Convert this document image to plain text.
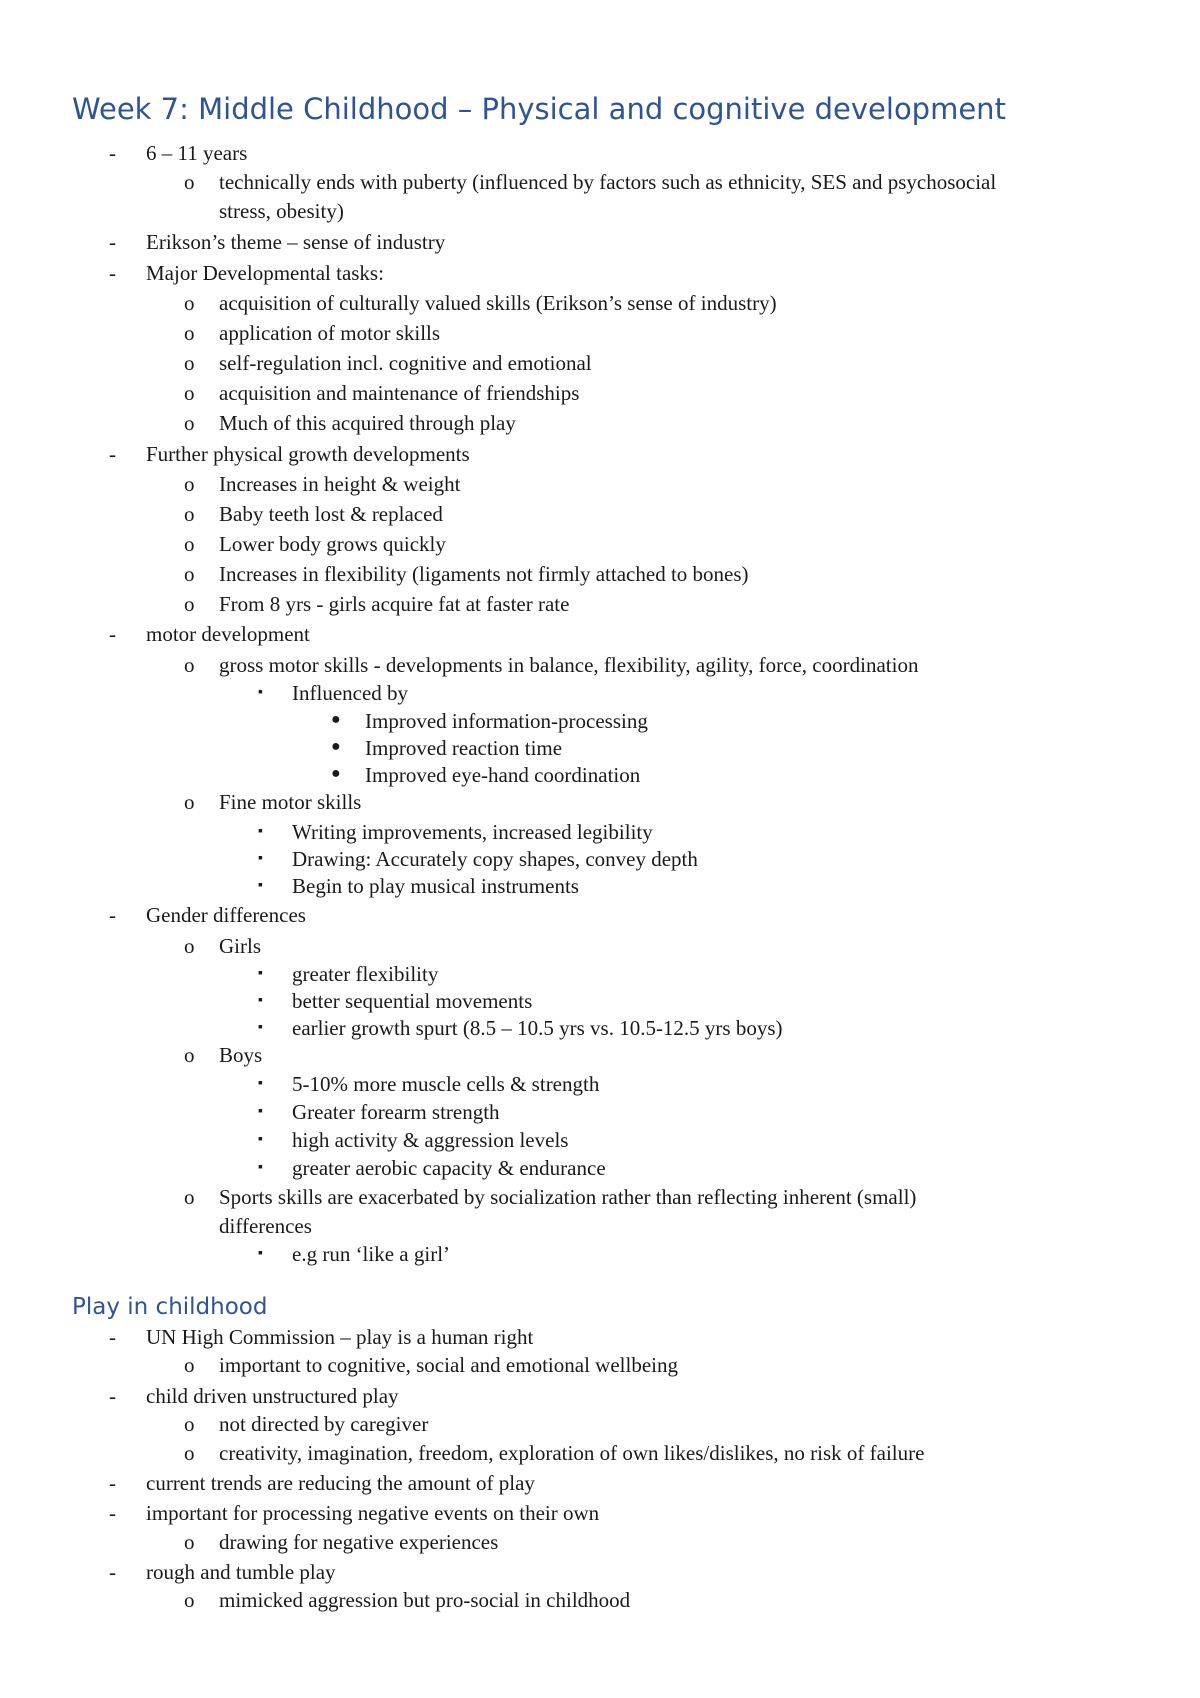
Week 7: Middle Childhood – Physical and cognitive development
- 6 – 11 years
o technically ends with puberty (influenced by factors such as ethnicity, SES and psychosocial
stress, obesity)
- Erikson’s theme – sense of industry
- Major Developmental tasks:
o acquisition of culturally valued skills (Erikson’s sense of industry)
o application of motor skills
o self-regulation incl. cognitive and emotional
o acquisition and maintenance of friendships
o Much of this acquired through play
- Further physical growth developments
o Increases in height & weight
o Baby teeth lost & replaced
o Lower body grows quickly
o Increases in flexibility (ligaments not firmly attached to bones)
o From 8 yrs - girls acquire fat at faster rate
- motor development
o gross motor skills - developments in balance, flexibility, agility, force, coordination
▪ Influenced by
● Improved information-processing
● Improved reaction time
● Improved eye-hand coordination
o Fine motor skills
▪ Writing improvements, increased legibility
▪ Drawing: Accurately copy shapes, convey depth
▪ Begin to play musical instruments
- Gender differences
o Girls
▪ greater flexibility
▪ better sequential movements
▪ earlier growth spurt (8.5 – 10.5 yrs vs. 10.5-12.5 yrs boys)
o Boys
▪ 5-10% more muscle cells & strength
▪ Greater forearm strength
▪ high activity & aggression levels
▪ greater aerobic capacity & endurance
o Sports skills are exacerbated by socialization rather than reflecting inherent (small)
differences
▪ e.g run ‘like a girl’
Play in childhood
- UN High Commission – play is a human right
o important to cognitive, social and emotional wellbeing
- child driven unstructured play
o not directed by caregiver
o creativity, imagination, freedom, exploration of own likes/dislikes, no risk of failure
- current trends are reducing the amount of play
- important for processing negative events on their own
o drawing for negative experiences
- rough and tumble play
o mimicked aggression but pro-social in childhood
